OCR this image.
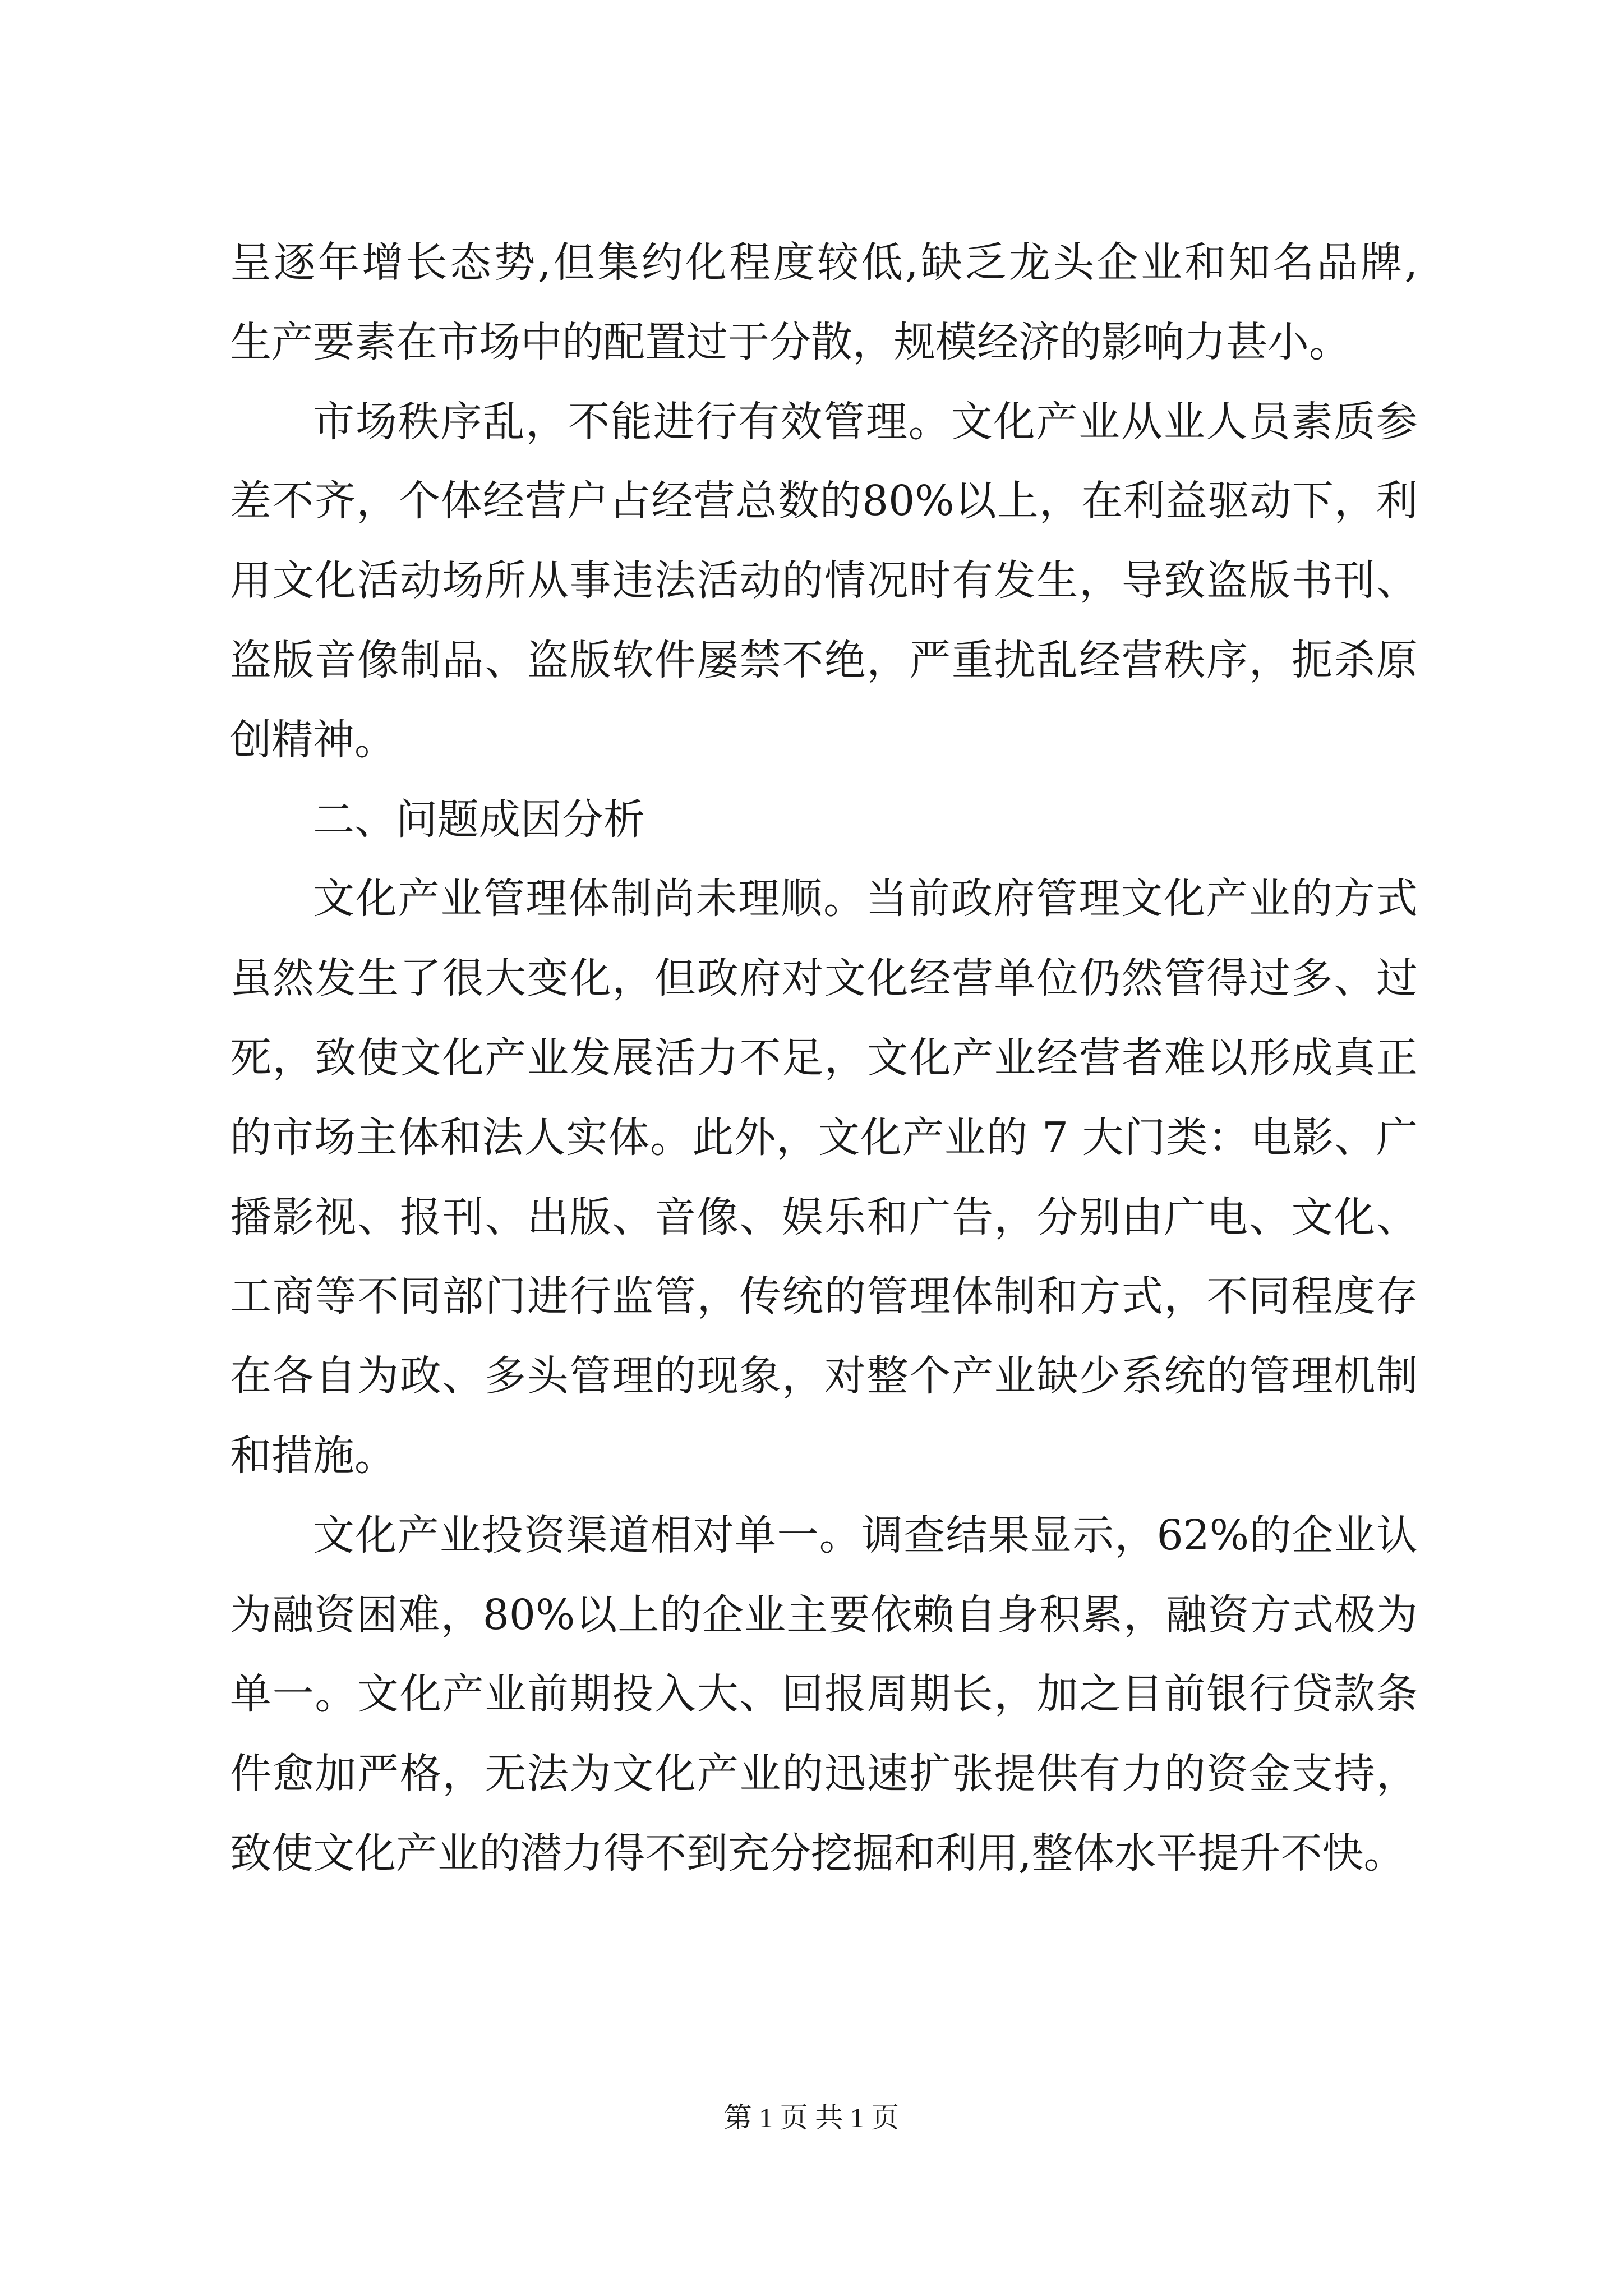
呈逐年增长态势,但集约化程度较低,缺乏龙头企业和知名品牌,
生产要素在市场中的配置过于分散，规模经济的影响力甚小。
市场秩序乱，不能进行有效管理。文化产业从业人员素质参
差不齐，个体经营户占经营总数的80%以上，在利益驱动下，利
用文化活动场所从事违法活动的情况时有发生，导致盗版书刊、
盗版音像制品、盗版软件屡禁不绝，严重扰乱经营秩序，扼杀原
创精神。
二、问题成因分析
文化产业管理体制尚未理顺。当前政府管理文化产业的方式
虽然发生了很大变化，但政府对文化经营单位仍然管得过多、过
死，致使文化产业发展活力不足，文化产业经营者难以形成真正
的市场主体和法人实体。此外，文化产业的 7 大门类：电影、广
播影视、报刊、出版、音像、娱乐和广告，分别由广电、文化、
工商等不同部门进行监管，传统的管理体制和方式，不同程度存
在各自为政、多头管理的现象，对整个产业缺少系统的管理机制
和措施。
文化产业投资渠道相对单一。调查结果显示，62%的企业认
为融资困难，80%以上的企业主要依赖自身积累，融资方式极为
单一。文化产业前期投入大、回报周期长，加之目前银行贷款条
件愈加严格，无法为文化产业的迅速扩张提供有力的资金支持，
致使文化产业的潜力得不到充分挖掘和利用,整体水平提升不快。
第 1 页 共 1 页
